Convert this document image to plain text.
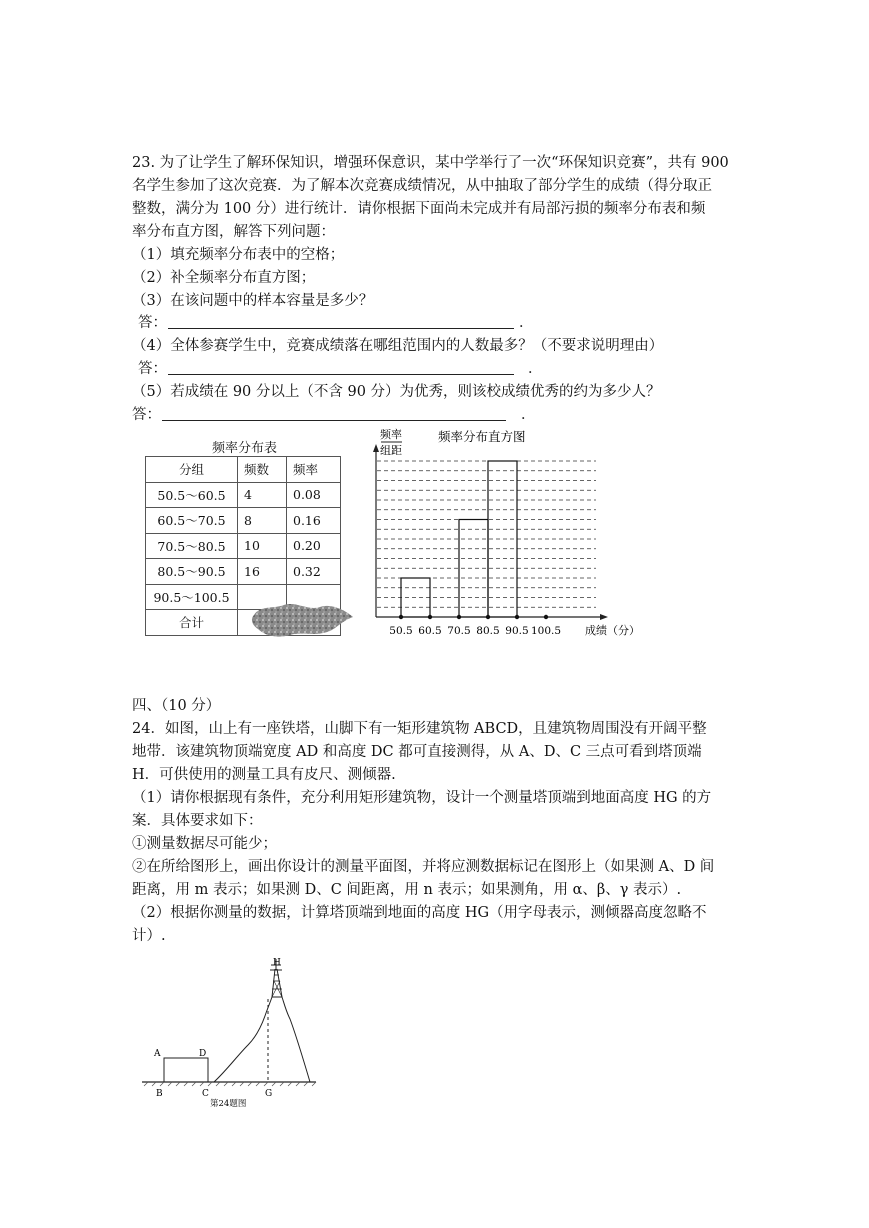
23. 为了让学生了解环保知识，增强环保意识，某中学举行了一次“环保知识竞赛”，共有 900
名学生参加了这次竞赛．为了解本次竞赛成绩情况，从中抽取了部分学生的成绩（得分取正
整数，满分为 100 分）进行统计．请你根据下面尚未完成并有局部污损的频率分布表和频
率分布直方图，解答下列问题：
（1）填充频率分布表中的空格；
（2）补全频率分布直方图；
（3）在该问题中的样本容量是多少？
答：	．
（4）全体参赛学生中，竞赛成绩落在哪组范围内的人数最多？（不要求说明理由）
答：	．
（5）若成绩在 90 分以上（不含 90 分）为优秀，则该校成绩优秀的约为多少人？
答：	．
频率分布表
分组	频数	频率
50.5～60.5	4	0.08
60.5～70.5	8	0.16
70.5～80.5	10	0.20
80.5～90.5	16	0.32
90.5～100.5		
合计		
频率
组距
频率分布直方图
50.5 60.5 70.5 80.5 90.5 100.5 成绩（分）
四、（10 分）
24．如图，山上有一座铁塔，山脚下有一矩形建筑物 ABCD，且建筑物周围没有开阔平整
地带．该建筑物顶端宽度 AD 和高度 DC 都可直接测得，从 A、D、C 三点可看到塔顶端
H．可供使用的测量工具有皮尺、测倾器.
（1）请你根据现有条件，充分利用矩形建筑物，设计一个测量塔顶端到地面高度 HG 的方
案．具体要求如下：
①测量数据尽可能少；
②在所给图形上，画出你设计的测量平面图，并将应测数据标记在图形上（如果测 A、D 间
距离，用 m 表示；如果测 D、C 间距离，用 n 表示；如果测角，用 α、β、γ 表示）.
（2）根据你测量的数据，计算塔顶端到地面的高度 HG（用字母表示，测倾器高度忽略不
计）.
H
A	D
B	C	G
第24题图
